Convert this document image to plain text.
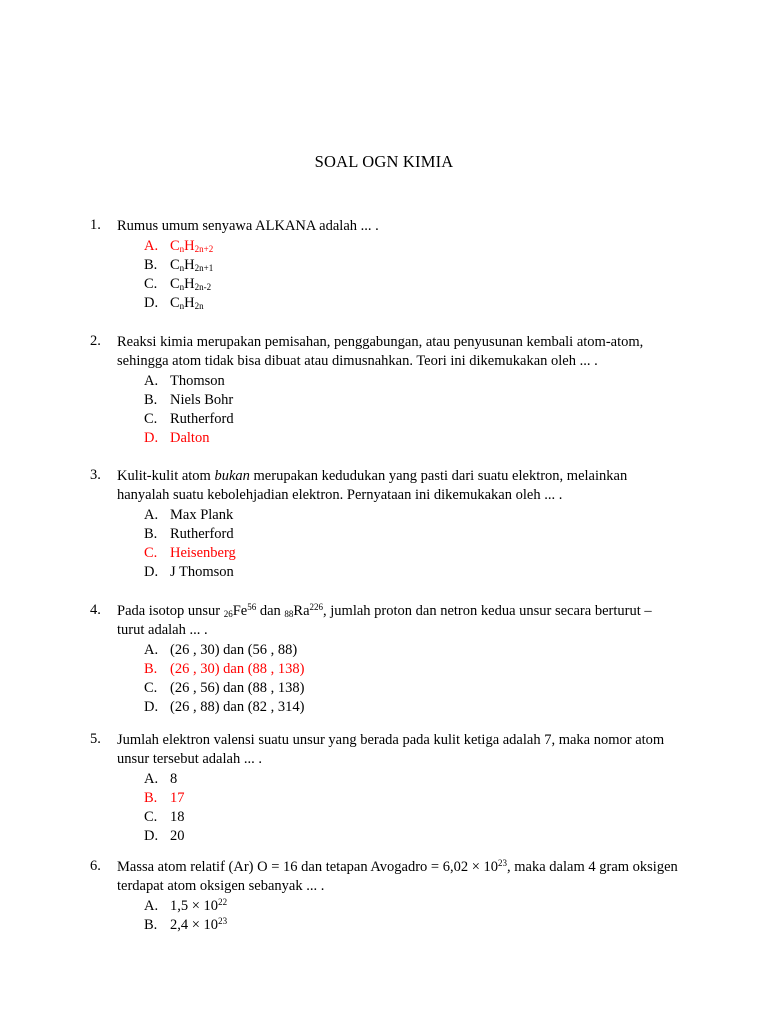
SOAL OGN KIMIA
1. Rumus umum senyawa ALKANA adalah ... .
A. $C_nH_{2n+2}$
B. $C_nH_{2n+1}$
C. $C_nH_{2n-2}$
D. $C_nH_{2n}$
2. Reaksi kimia merupakan pemisahan, penggabungan, atau penyusunan kembali atom-atom, sehingga atom tidak bisa dibuat atau dimusnahkan. Teori ini dikemukakan oleh ... .
A. Thomson
B. Niels Bohr
C. Rutherford
D. Dalton
3. Kulit-kulit atom bukan merupakan kedudukan yang pasti dari suatu elektron, melainkan hanyalah suatu kebolehjadian elektron. Pernyataan ini dikemukakan oleh ... .
A. Max Plank
B. Rutherford
C. Heisenberg
D. J Thomson
4. Pada isotop unsur $_{26}Fe^{56}$ dan $_{88}Ra^{226}$, jumlah proton dan netron kedua unsur secara berturut – turut adalah ... .
A. (26 , 30) dan (56 , 88)
B. (26 , 30) dan (88 , 138)
C. (26 , 56) dan (88 , 138)
D. (26 , 88) dan (82 , 314)
5. Jumlah elektron valensi suatu unsur yang berada pada kulit ketiga adalah 7, maka nomor atom unsur tersebut adalah ... .
A. 8
B. 17
C. 18
D. 20
6. Massa atom relatif (Ar) O = 16 dan tetapan Avogadro = $6,02 \times 10^{23}$, maka dalam 4 gram oksigen terdapat atom oksigen sebanyak ... .
A. $1,5 \times 10^{22}$
B. $2,4 \times 10^{23}$
